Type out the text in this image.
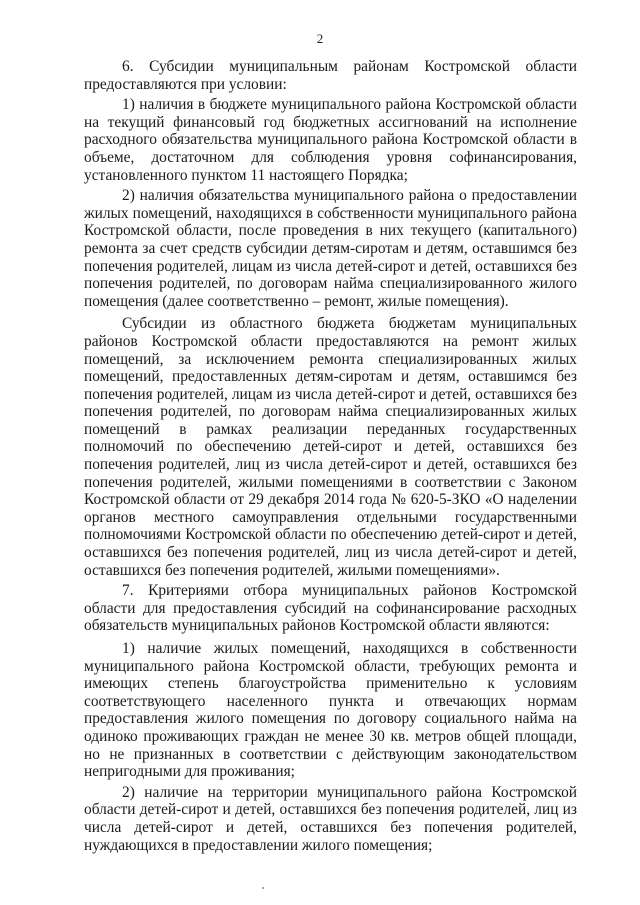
2

6. Субсидии муниципальным районам Костромской области предоставляются при условии:

1) наличия в бюджете муниципального района Костромской области на текущий финансовый год бюджетных ассигнований на исполнение расходного обязательства муниципального района Костромской области в объеме, достаточном для соблюдения уровня софинансирования, установленного пунктом 11 настоящего Порядка;

2) наличия обязательства муниципального района о предоставлении жилых помещений, находящихся в собственности муниципального района Костромской области, после проведения в них текущего (капитального) ремонта за счет средств субсидии детям-сиротам и детям, оставшимся без попечения родителей, лицам из числа детей-сирот и детей, оставшихся без попечения родителей, по договорам найма специализированного жилого помещения (далее соответственно – ремонт, жилые помещения).

Субсидии из областного бюджета бюджетам муниципальных районов Костромской области предоставляются на ремонт жилых помещений, за исключением ремонта специализированных жилых помещений, предоставленных детям-сиротам и детям, оставшимся без попечения родителей, лицам из числа детей-сирот и детей, оставшихся без попечения родителей, по договорам найма специализированных жилых помещений в рамках реализации переданных государственных полномочий по обеспечению детей-сирот и детей, оставшихся без попечения родителей, лиц из числа детей-сирот и детей, оставшихся без попечения родителей, жилыми помещениями в соответствии с Законом Костромской области от 29 декабря 2014 года № 620-5-ЗКО «О наделении органов местного самоуправления отдельными государственными полномочиями Костромской области по обеспечению детей-сирот и детей, оставшихся без попечения родителей, лиц из числа детей-сирот и детей, оставшихся без попечения родителей, жилыми помещениями».

7. Критериями отбора муниципальных районов Костромской области для предоставления субсидий на софинансирование расходных обязательств муниципальных районов Костромской области являются:

1) наличие жилых помещений, находящихся в собственности муниципального района Костромской области, требующих ремонта и имеющих степень благоустройства применительно к условиям соответствующего населенного пункта и отвечающих нормам предоставления жилого помещения по договору социального найма на одиноко проживающих граждан не менее 30 кв. метров общей площади, но не признанных в соответствии с действующим законодательством непригодными для проживания;

2) наличие на территории муниципального района Костромской области детей-сирот и детей, оставшихся без попечения родителей, лиц из числа детей-сирот и детей, оставшихся без попечения родителей, нуждающихся в предоставлении жилого помещения;
